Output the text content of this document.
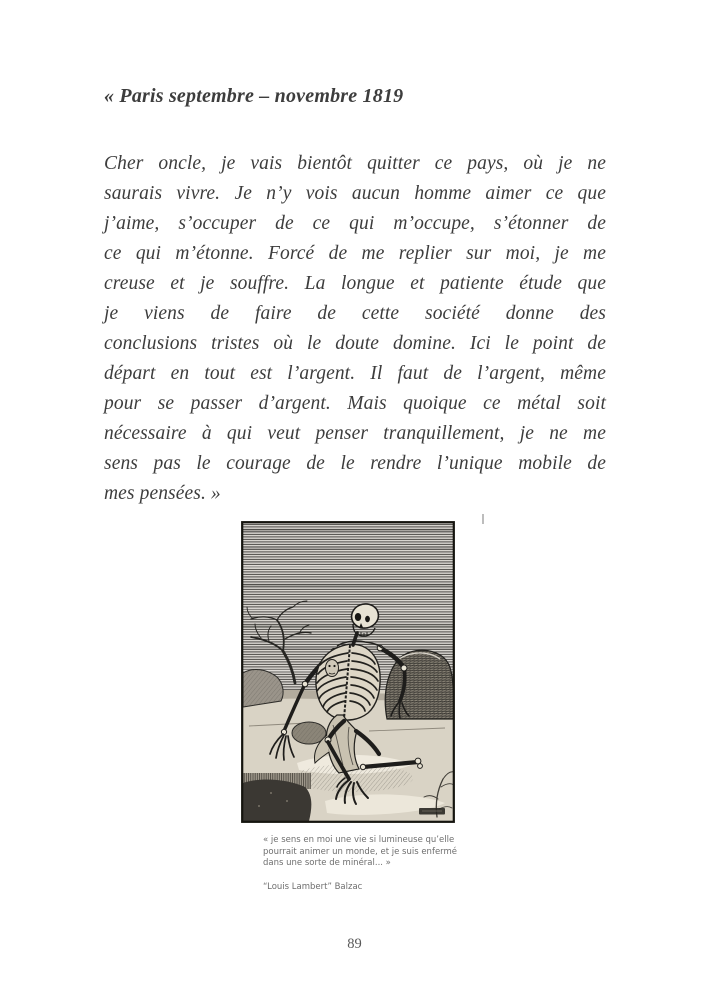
« Paris septembre – novembre 1819
Cher oncle, je vais bientôt quitter ce pays, où je ne
saurais vivre. Je n’y vois aucun homme aimer ce que
j’aime, s’occuper de ce qui m’occupe, s’étonner de
ce qui m’étonne. Forcé de me replier sur moi, je me
creuse et je souffre. La longue et patiente étude que
je viens de faire de cette société donne des
conclusions tristes où le doute domine. Ici le point de
départ en tout est l’argent. Il faut de l’argent, même
pour se passer d’argent. Mais quoique ce métal soit
nécessaire à qui veut penser tranquillement, je ne me
sens pas le courage de le rendre l’unique mobile de
mes pensées. »
« je sens en moi une vie si lumineuse qu’elle
pourrait animer un monde, et je suis enfermé
dans une sorte de minéral... »
“Louis Lambert” Balzac
89
